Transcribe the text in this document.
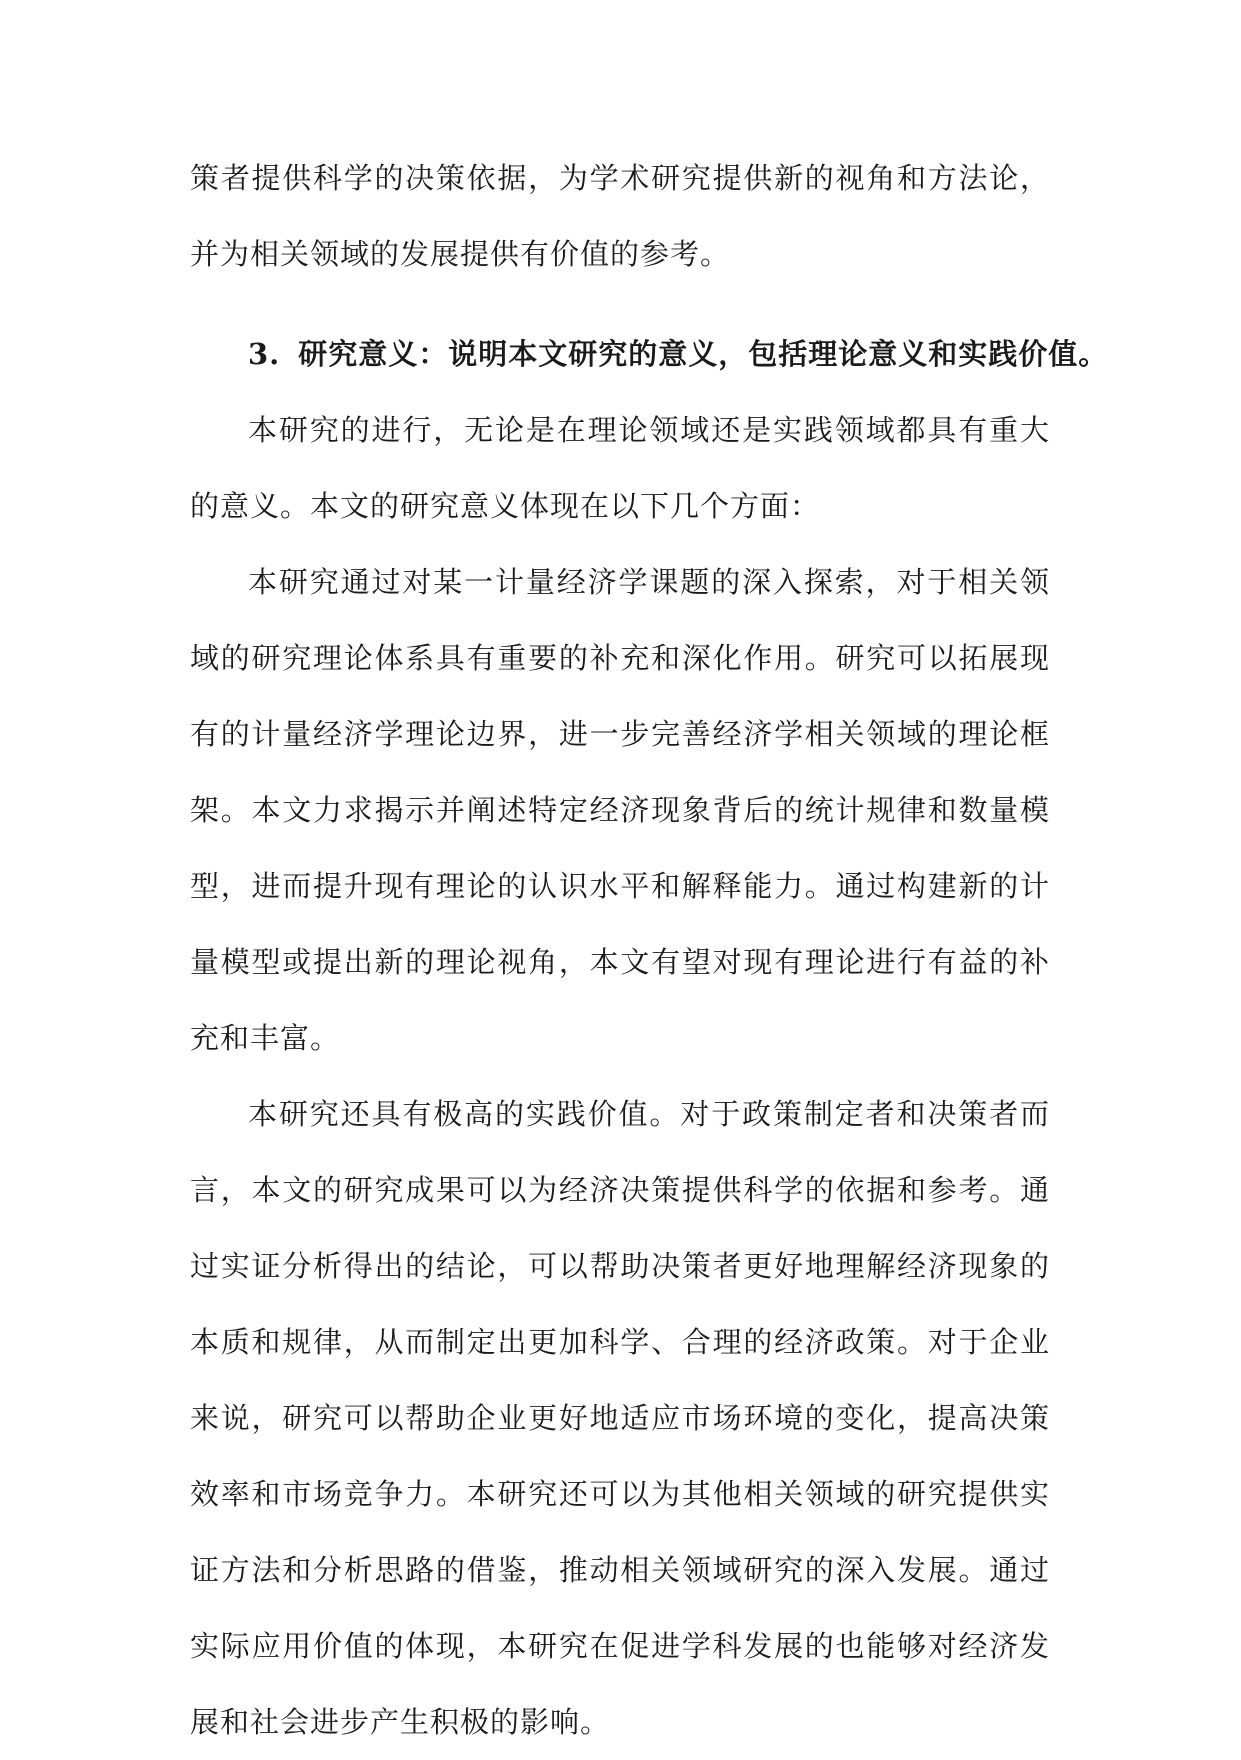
策者提供科学的决策依据，为学术研究提供新的视角和方法论，并为相关领域的发展提供有价值的参考。

3. 研究意义：说明本文研究的意义，包括理论意义和实践价值。

本研究的进行，无论是在理论领域还是实践领域都具有重大的意义。本文的研究意义体现在以下几个方面：

本研究通过对某一计量经济学课题的深入探索，对于相关领域的研究理论体系具有重要的补充和深化作用。研究可以拓展现有的计量经济学理论边界，进一步完善经济学相关领域的理论框架。本文力求揭示并阐述特定经济现象背后的统计规律和数量模型，进而提升现有理论的认识水平和解释能力。通过构建新的计量模型或提出新的理论视角，本文有望对现有理论进行有益的补充和丰富。

本研究还具有极高的实践价值。对于政策制定者和决策者而言，本文的研究成果可以为经济决策提供科学的依据和参考。通过实证分析得出的结论，可以帮助决策者更好地理解经济现象的本质和规律，从而制定出更加科学、合理的经济政策。对于企业来说，研究可以帮助企业更好地适应市场环境的变化，提高决策效率和市场竞争力。本研究还可以为其他相关领域的研究提供实证方法和分析思路的借鉴，推动相关领域研究的深入发展。通过实际应用价值的体现，本研究在促进学科发展的也能够对经济发展和社会进步产生积极的影响。
